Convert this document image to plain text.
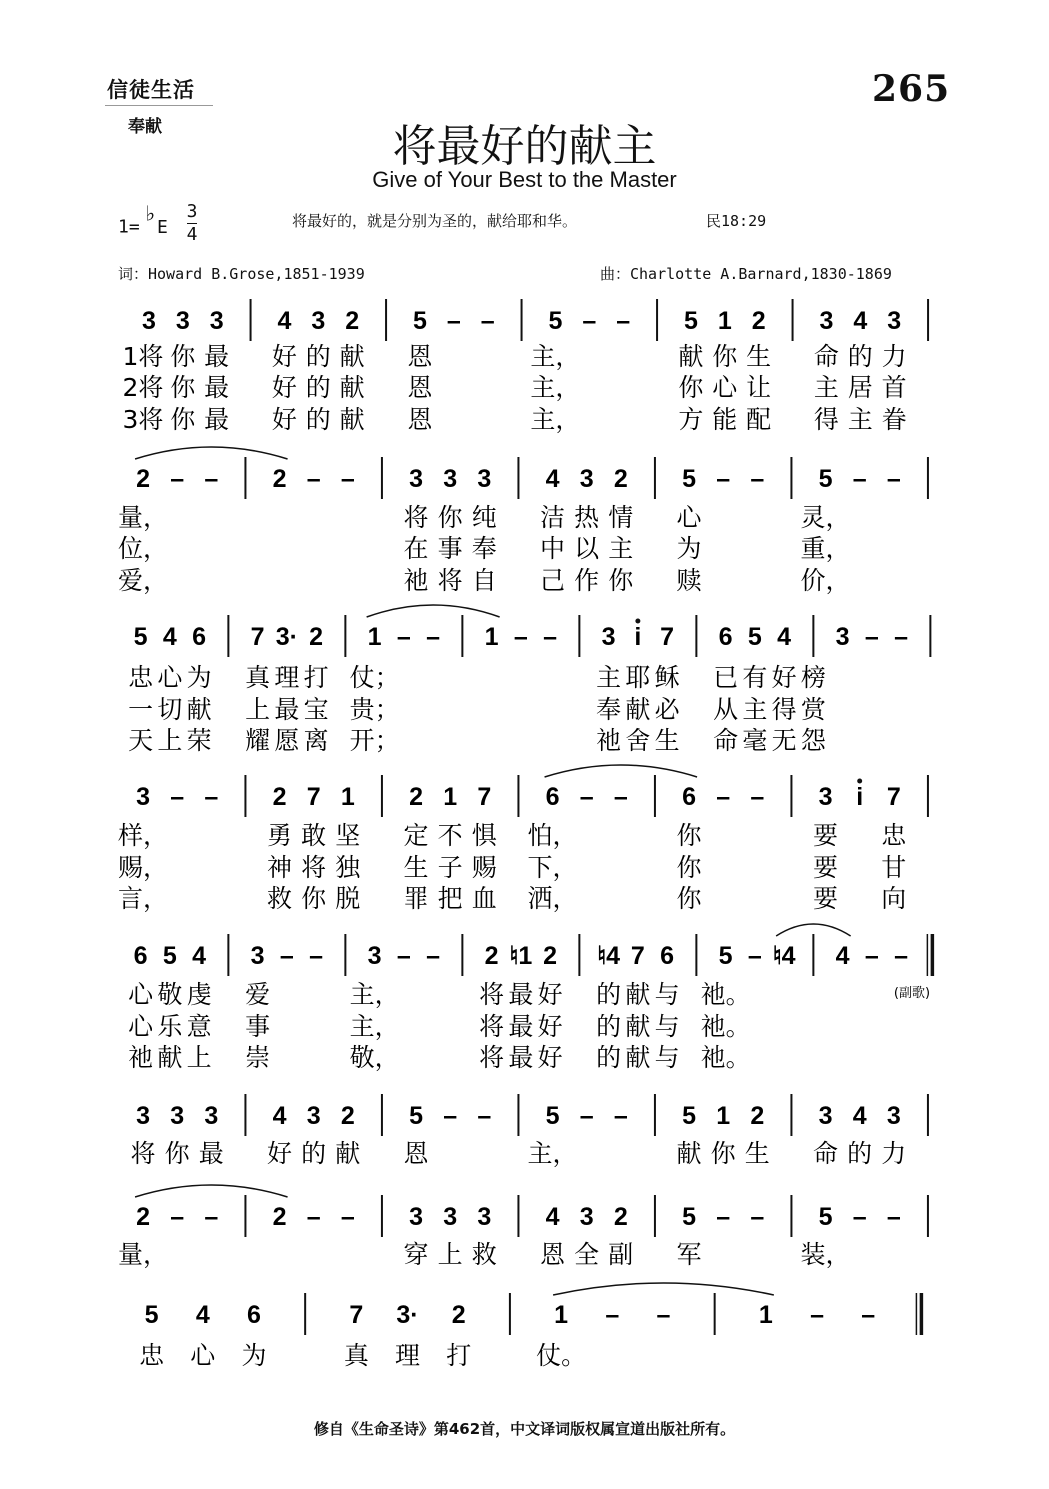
信徒生活
奉献
265
将最好的献主
Give of Your Best to the Master
1=♭E $\frac{3}{4}$	将最好的，就是分别为圣的，献给耶和华。	民18:29
词：Howard B.Grose,1851-1939	曲：Charlotte A.Barnard,1830-1869
3 3 3 4 3 2 5 – – 5 – – 5 1 2 3 4 3
1将 你 最 好 的 献 恩	主，	献 你 生 命 的 力
2将 你 最 好 的 献 恩	主，	你 心 让 主 居 首
3将 你 最 好 的 献 恩	主，	方 能 配 得 主 眷
2 – – 2 – – 3 3 3 4 3 2 5 – – 5 – –
量，	将 你 纯 洁 热 情 心	灵，
位，	在 事 奉 中 以 主 为	重，
爱，	祂 将 自 己 作 你 赎	价，
5 4 6 7 3· 2 1 – – 1 – – 3 i 7 6 5 4 3 – –
忠 心 为 真 理 打 仗；	主 耶 稣 已 有 好 榜
一 切 献 上 最 宝 贵；	奉 献 必 从 主 得 赏
天 上 荣 耀 愿 离 开；	祂 舍 生 命 毫 无 怨
3 – – 2 7 1 2 1 7 6 – – 6 – – 3 i 7
样，	勇 敢 坚 定 不 惧 怕，	你	要 忠
赐，	神 将 独 生 子 赐 下，	你	要 甘
言，	救 你 脱 罪 把 血 洒，	你	要 向
6 5 4 3 – – 3 – – 2 ♮1 2 ♮4 7 6 5 – ♮4 4 – –
心 敬 虔 爱	主，	将 最 好 的 献 与 祂。
心 乐 意 事	主，	将 最 好 的 献 与 祂。
祂 献 上 崇	敬，	将 最 好 的 献 与 祂。
(副歌)
3 3 3 4 3 2 5 – – 5 – – 5 1 2 3 4 3
将 你 最 好 的 献 恩	主，	献 你 生 命 的 力
2 – – 2 – – 3 3 3 4 3 2 5 – – 5 – –
量，	穿 上 救 恩 全 副 军	装，
5 4 6	7 3· 2	1 – –	1 – –
忠 心 为	真 理 打	仗。
修自《生命圣诗》第462首，中文译词版权属宣道出版社所有。
